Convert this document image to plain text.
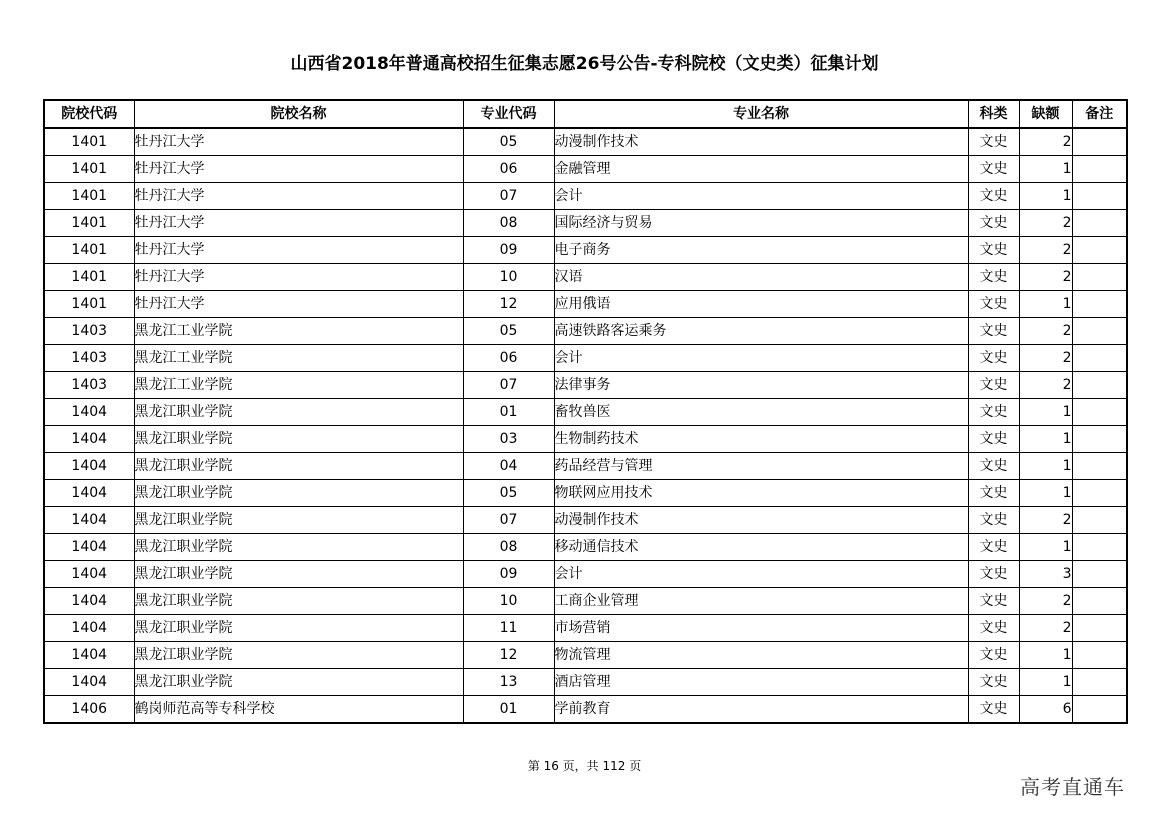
山西省2018年普通高校招生征集志愿26号公告-专科院校（文史类）征集计划
院校代码	院校名称	专业代码	专业名称	科类	缺额	备注
1401	牡丹江大学	05	动漫制作技术	文史	2	
1401	牡丹江大学	06	金融管理	文史	1	
1401	牡丹江大学	07	会计	文史	1	
1401	牡丹江大学	08	国际经济与贸易	文史	2	
1401	牡丹江大学	09	电子商务	文史	2	
1401	牡丹江大学	10	汉语	文史	2	
1401	牡丹江大学	12	应用俄语	文史	1	
1403	黑龙江工业学院	05	高速铁路客运乘务	文史	2	
1403	黑龙江工业学院	06	会计	文史	2	
1403	黑龙江工业学院	07	法律事务	文史	2	
1404	黑龙江职业学院	01	畜牧兽医	文史	1	
1404	黑龙江职业学院	03	生物制药技术	文史	1	
1404	黑龙江职业学院	04	药品经营与管理	文史	1	
1404	黑龙江职业学院	05	物联网应用技术	文史	1	
1404	黑龙江职业学院	07	动漫制作技术	文史	2	
1404	黑龙江职业学院	08	移动通信技术	文史	1	
1404	黑龙江职业学院	09	会计	文史	3	
1404	黑龙江职业学院	10	工商企业管理	文史	2	
1404	黑龙江职业学院	11	市场营销	文史	2	
1404	黑龙江职业学院	12	物流管理	文史	1	
1404	黑龙江职业学院	13	酒店管理	文史	1	
1406	鹤岗师范高等专科学校	01	学前教育	文史	6	
第 16 页，共 112 页
高考直通车
